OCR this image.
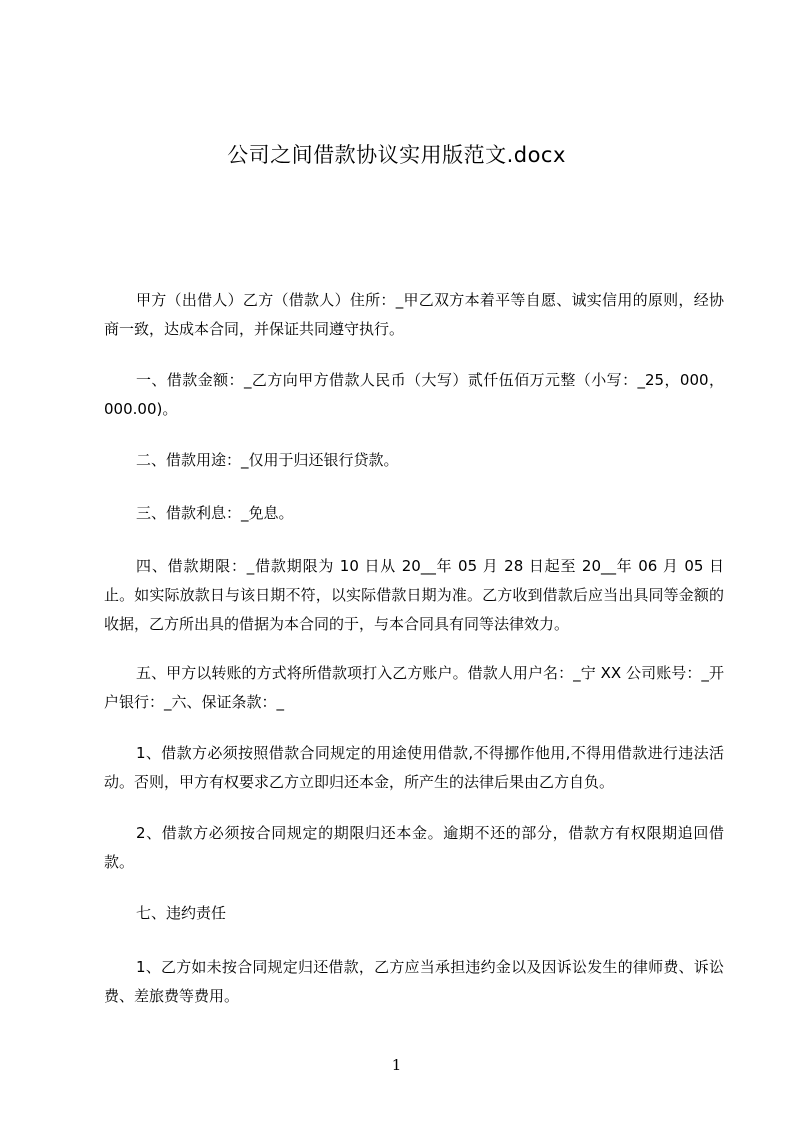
公司之间借款协议实用版范文.docx
甲方（出借人）乙方（借款人）住所：_甲乙双方本着平等自愿、诚实信用的原则，经协商一致，达成本合同，并保证共同遵守执行。
一、借款金额：_乙方向甲方借款人民币（大写）贰仟伍佰万元整（小写：_25，000，000.00)。
二、借款用途：_仅用于归还银行贷款。
三、借款利息：_免息。
四、借款期限：_借款期限为 10 日从 20__年 05 月 28 日起至 20__年 06 月 05 日止。如实际放款日与该日期不符，以实际借款日期为准。乙方收到借款后应当出具同等金额的收据，乙方所出具的借据为本合同的于，与本合同具有同等法律效力。
五、甲方以转账的方式将所借款项打入乙方账户。借款人用户名：_宁 XX 公司账号：_开户银行：_六、保证条款：_
1、借款方必须按照借款合同规定的用途使用借款,不得挪作他用,不得用借款进行违法活动。否则，甲方有权要求乙方立即归还本金，所产生的法律后果由乙方自负。
2、借款方必须按合同规定的期限归还本金。逾期不还的部分，借款方有权限期追回借款。
七、违约责任
1、乙方如未按合同规定归还借款，乙方应当承担违约金以及因诉讼发生的律师费、诉讼费、差旅费等费用。
1
